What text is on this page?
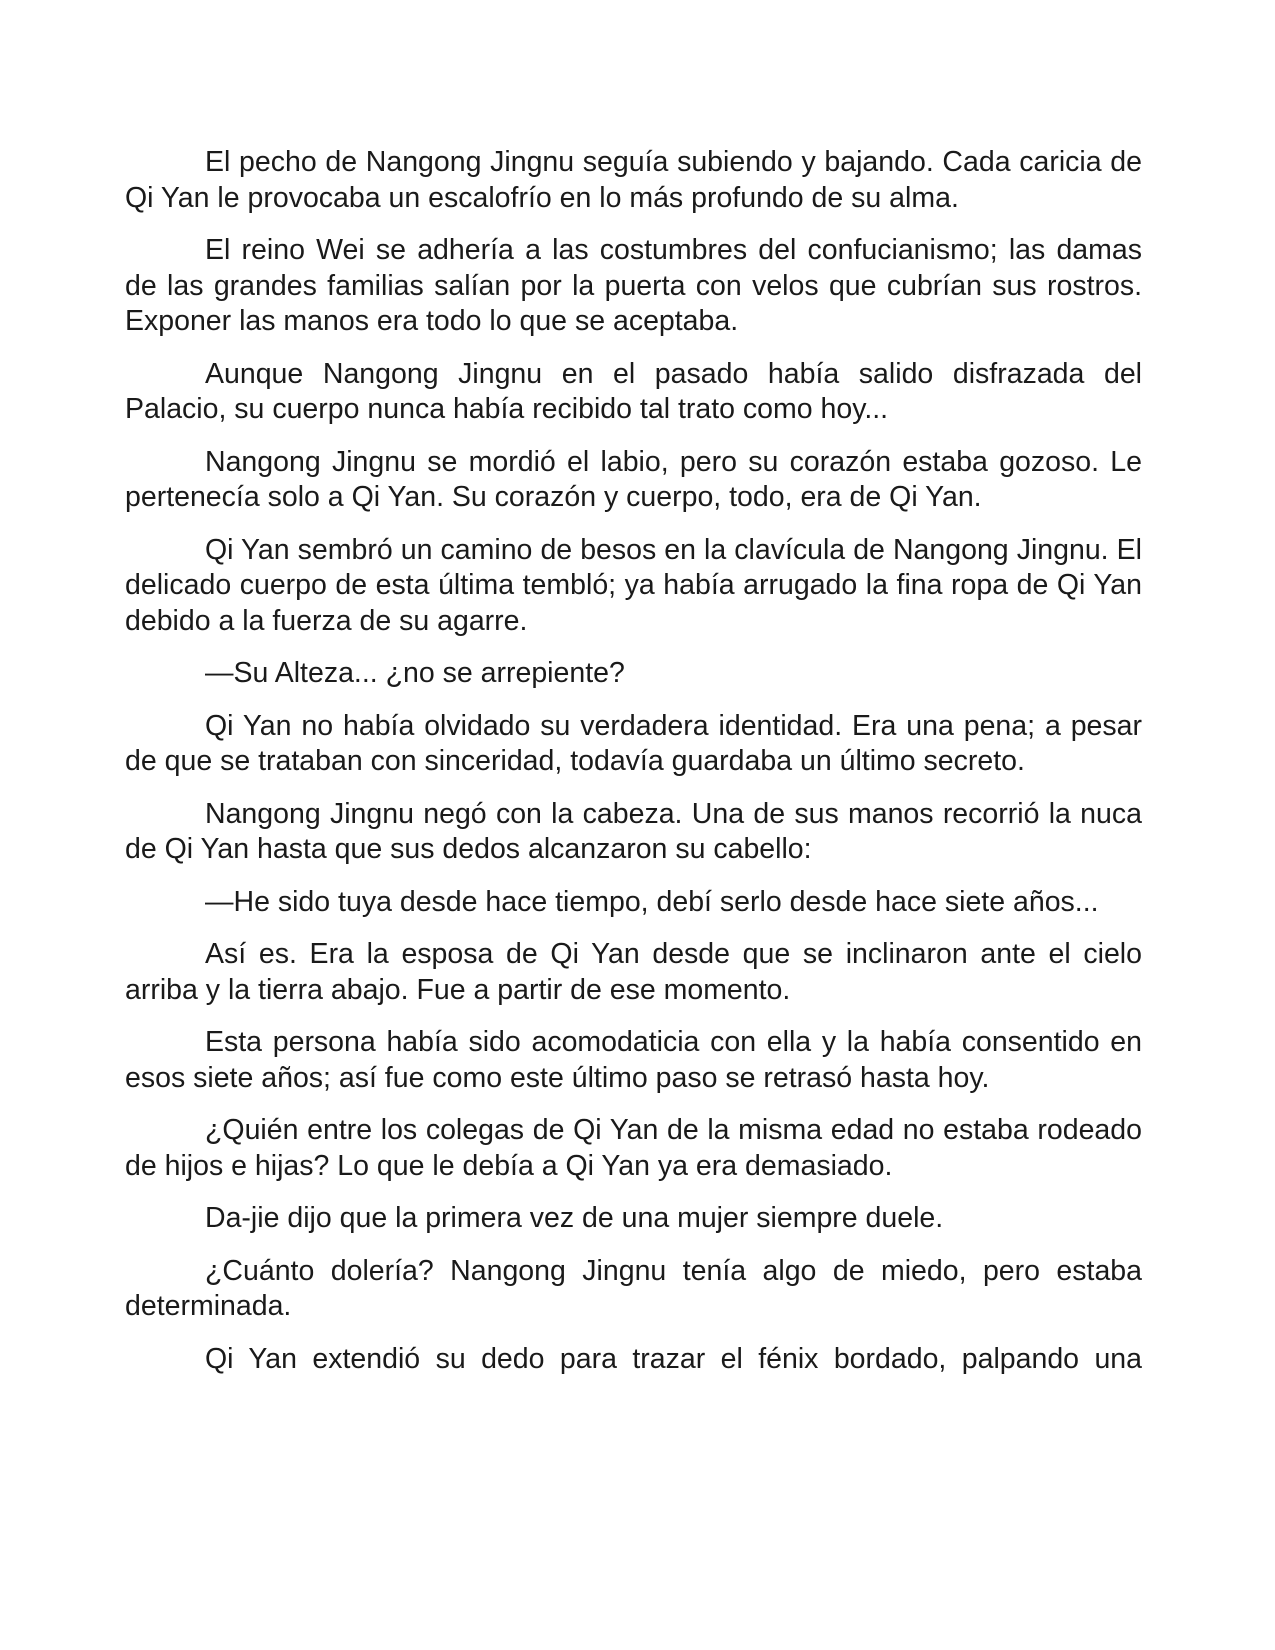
El pecho de Nangong Jingnu seguía subiendo y bajando. Cada caricia de Qi Yan le provocaba un escalofrío en lo más profundo de su alma.

El reino Wei se adhería a las costumbres del confucianismo; las damas de las grandes familias salían por la puerta con velos que cubrían sus rostros. Exponer las manos era todo lo que se aceptaba.

Aunque Nangong Jingnu en el pasado había salido disfrazada del Palacio, su cuerpo nunca había recibido tal trato como hoy...

Nangong Jingnu se mordió el labio, pero su corazón estaba gozoso. Le pertenecía solo a Qi Yan. Su corazón y cuerpo, todo, era de Qi Yan.

Qi Yan sembró un camino de besos en la clavícula de Nangong Jingnu. El delicado cuerpo de esta última tembló; ya había arrugado la fina ropa de Qi Yan debido a la fuerza de su agarre.

—Su Alteza... ¿no se arrepiente?

Qi Yan no había olvidado su verdadera identidad. Era una pena; a pesar de que se trataban con sinceridad, todavía guardaba un último secreto.

Nangong Jingnu negó con la cabeza. Una de sus manos recorrió la nuca de Qi Yan hasta que sus dedos alcanzaron su cabello:

—He sido tuya desde hace tiempo, debí serlo desde hace siete años...

Así es. Era la esposa de Qi Yan desde que se inclinaron ante el cielo arriba y la tierra abajo. Fue a partir de ese momento.

Esta persona había sido acomodaticia con ella y la había consentido en esos siete años; así fue como este último paso se retrasó hasta hoy.

¿Quién entre los colegas de Qi Yan de la misma edad no estaba rodeado de hijos e hijas? Lo que le debía a Qi Yan ya era demasiado.

Da-jie dijo que la primera vez de una mujer siempre duele.

¿Cuánto dolería? Nangong Jingnu tenía algo de miedo, pero estaba determinada.

Qi Yan extendió su dedo para trazar el fénix bordado, palpando una
